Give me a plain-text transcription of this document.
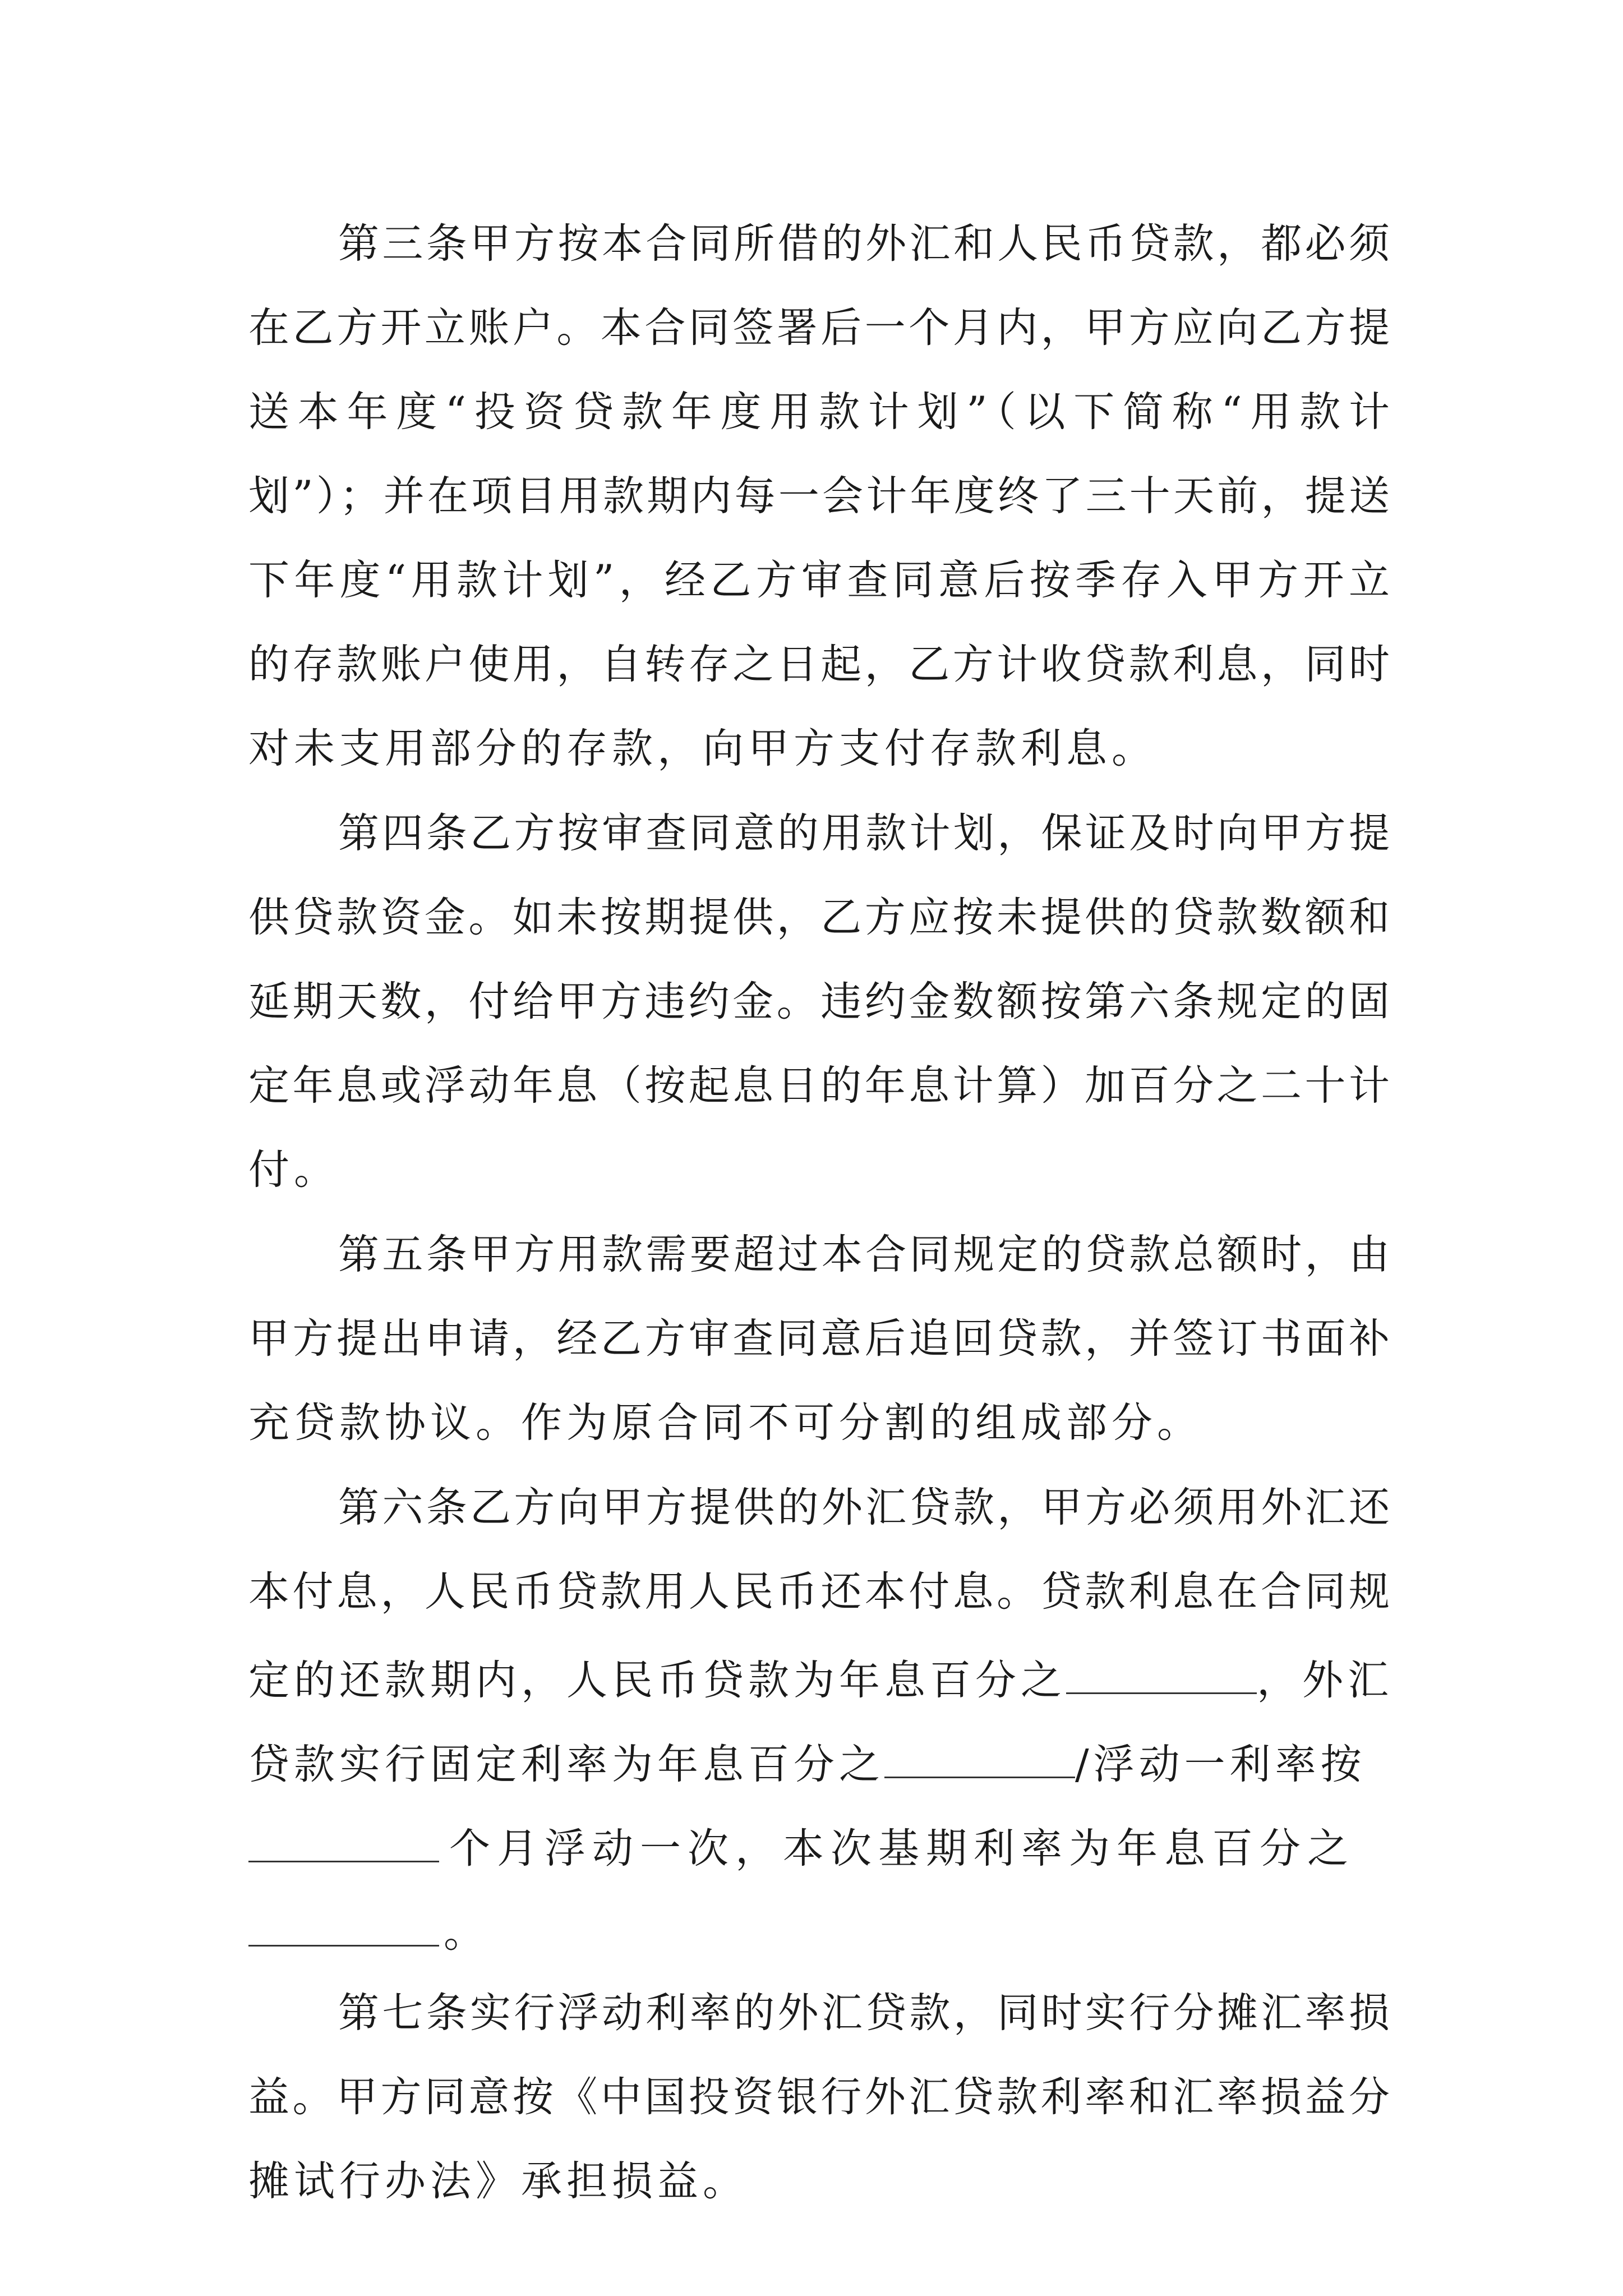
第三条甲方按本合同所借的外汇和人民币贷款，都必须
在乙方开立账户。本合同签署后一个月内，甲方应向乙方提
送本年度“投资贷款年度用款计划”（以下简称“用款计
划”）；并在项目用款期内每一会计年度终了三十天前，提送
下年度“用款计划”，经乙方审查同意后按季存入甲方开立
的存款账户使用，自转存之日起，乙方计收贷款利息，同时
对未支用部分的存款，向甲方支付存款利息。
第四条乙方按审查同意的用款计划，保证及时向甲方提
供贷款资金。如未按期提供，乙方应按未提供的贷款数额和
延期天数，付给甲方违约金。违约金数额按第六条规定的固
定年息或浮动年息（按起息日的年息计算）加百分之二十计
付。
第五条甲方用款需要超过本合同规定的贷款总额时，由
甲方提出申请，经乙方审查同意后追回贷款，并签订书面补
充贷款协议。作为原合同不可分割的组成部分。
第六条乙方向甲方提供的外汇贷款，甲方必须用外汇还
本付息，人民币贷款用人民币还本付息。贷款利息在合同规
定的还款期内，人民币贷款为年息百分之	，外汇
贷款实行固定利率为年息百分之	/浮动一利率按
个月浮动一次，本次基期利率为年息百分之
。
第七条实行浮动利率的外汇贷款，同时实行分摊汇率损
益。甲方同意按《中国投资银行外汇贷款利率和汇率损益分
摊试行办法》承担损益。
